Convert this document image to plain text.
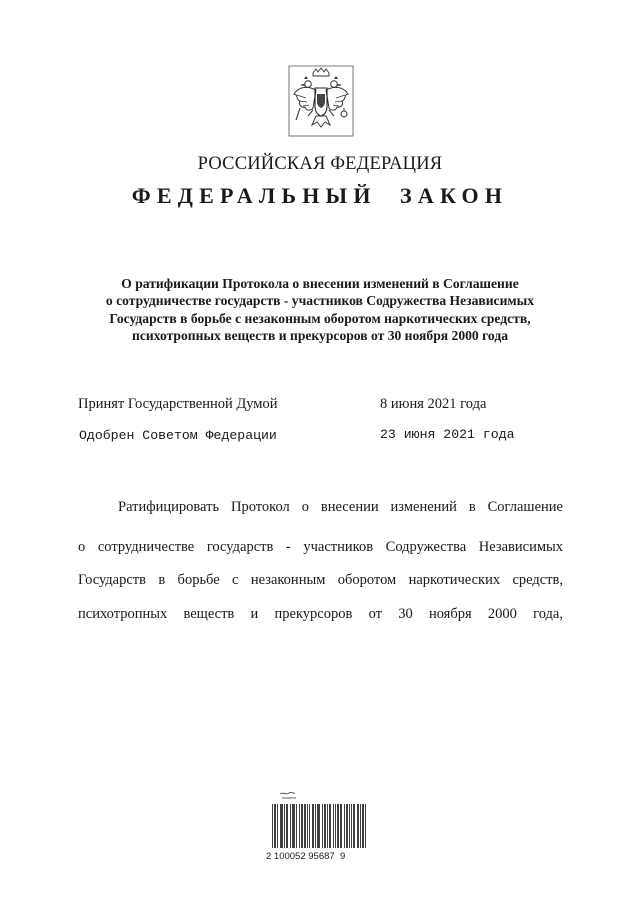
РОССИЙСКАЯ ФЕДЕРАЦИЯ
ФЕДЕРАЛЬНЫЙ  ЗАКОН
О ратификации Протокола о внесении изменений в Соглашение
о сотрудничестве государств - участников Содружества Независимых
Государств в борьбе с незаконным оборотом наркотических средств,
психотропных веществ и прекурсоров от 30 ноября 2000 года
Принят Государственной Думой	8 июня 2021 года
Одобрен Советом Федерации	23 июня 2021 года
Ратифицировать Протокол о внесении изменений в Соглашение
о сотрудничестве государств - участников Содружества Независимых
Государств в борьбе с незаконным оборотом наркотических средств,
психотропных веществ и прекурсоров от 30 ноября 2000 года,
2 100052 95687  9
